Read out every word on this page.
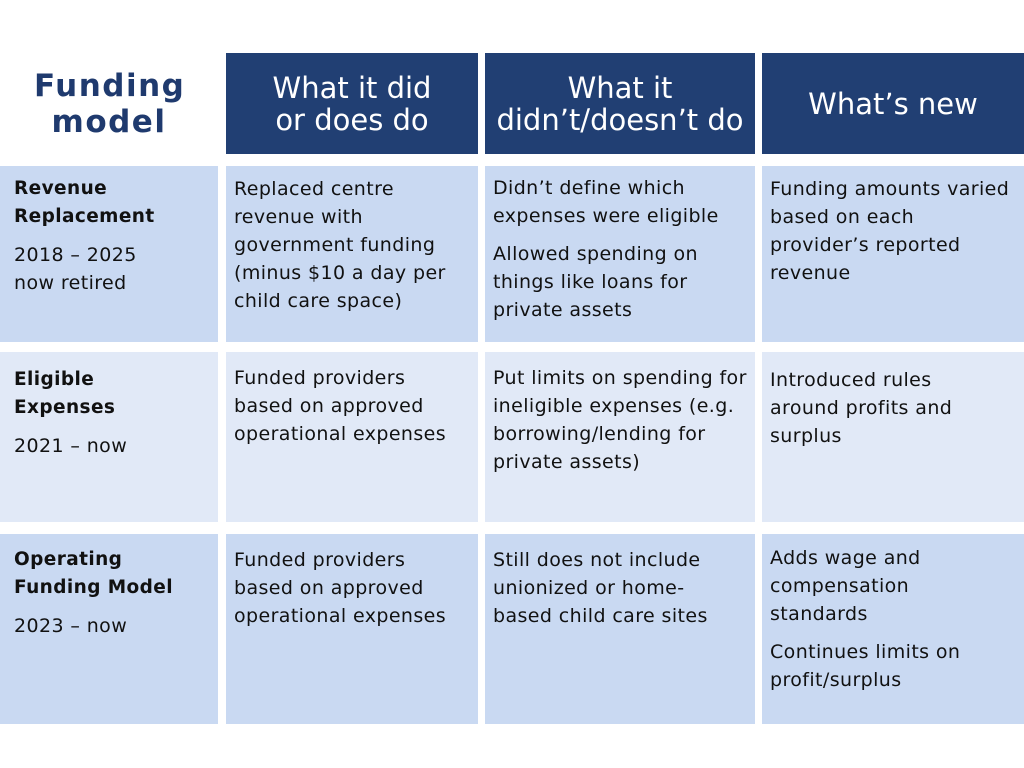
Funding model
What it did or does do
What it didn’t/doesn’t do What’s new
Revenue Replacement
2018 – 2025 now retired

Replaced centre revenue with government funding (minus $10 a day per child care space)

Didn’t define which expenses were eligible

Allowed spending on things like loans for private assets

Funding amounts varied based on each provider’s reported revenue

Eligible Expenses
2021 – now

Funded providers based on approved operational expenses

Put limits on spending for ineligible expenses (e.g. borrowing/lending for private assets)

Introduced rules around profits and surplus

Operating Funding Model
2023 – now

Funded providers based on approved operational expenses

Still does not include unionized or home-based child care sites

Adds wage and compensation standards

Continues limits on profit/surplus
